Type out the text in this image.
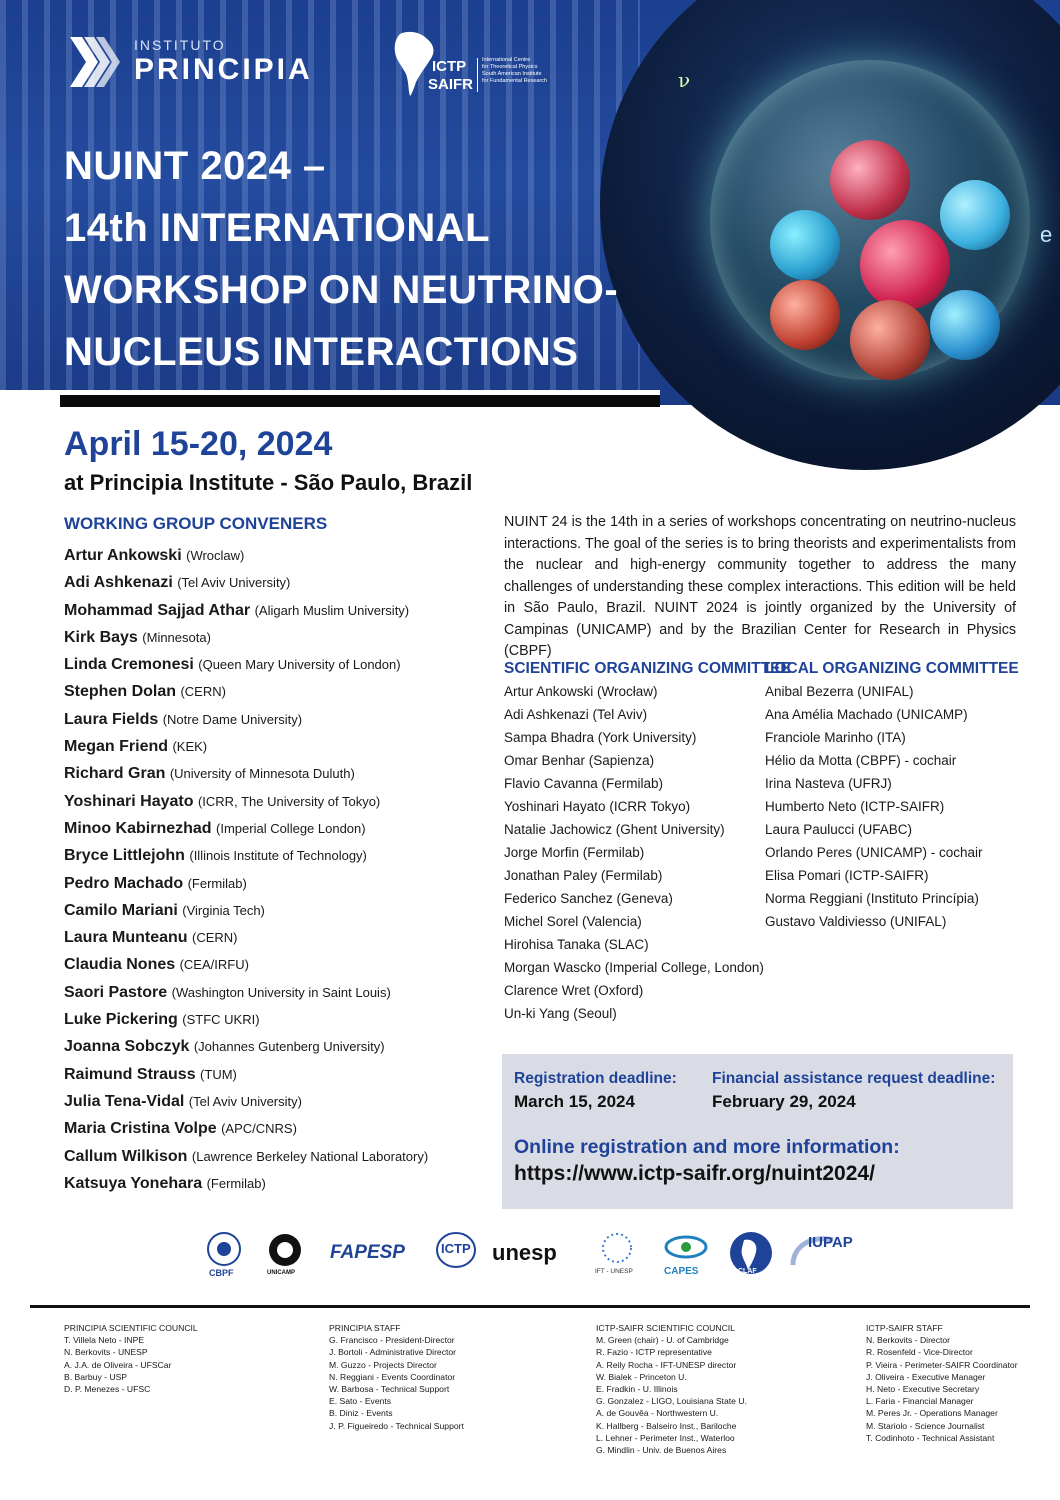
ν
e
INSTITUTO
PRINCIPIA	ICTP
SAIFR
International Centre
for Theoretical Physics
South American Institute
for Fundamental Research
NUINT 2024 –
14th INTERNATIONAL
WORKSHOP ON NEUTRINO-
NUCLEUS INTERACTIONS
April 15-20, 2024
at Principia Institute - São Paulo, Brazil
WORKING GROUP CONVENERS
Artur Ankowski (Wroclaw)
Adi Ashkenazi (Tel Aviv University)
Mohammad Sajjad Athar (Aligarh Muslim University)
Kirk Bays (Minnesota)
Linda Cremonesi (Queen Mary University of London)
Stephen Dolan (CERN)
Laura Fields (Notre Dame University)
Megan Friend (KEK)
Richard Gran (University of Minnesota Duluth)
Yoshinari Hayato (ICRR, The University of Tokyo)
Minoo Kabirnezhad (Imperial College London)
Bryce Littlejohn (Illinois Institute of Technology)
Pedro Machado (Fermilab)
Camilo Mariani (Virginia Tech)
Laura Munteanu (CERN)
Claudia Nones (CEA/IRFU)
Saori Pastore (Washington University in Saint Louis)
Luke Pickering (STFC UKRI)
Joanna Sobczyk (Johannes Gutenberg University)
Raimund Strauss (TUM)
Julia Tena-Vidal (Tel Aviv University)
Maria Cristina Volpe (APC/CNRS)
Callum Wilkison (Lawrence Berkeley National Laboratory)
Katsuya Yonehara (Fermilab)
NUINT 24 is the 14th in a series of workshops concentrating on neutrino-nucleus interactions. The goal of the series is to bring theorists and experimentalists from the nuclear and high-energy community together to address the many challenges of understanding these complex interactions. This edition will be held in São Paulo, Brazil. NUINT 2024 is jointly organized by the University of Campinas (UNICAMP) and by the Brazilian Center for Research in Physics (CBPF)
SCIENTIFIC ORGANIZING COMMITTEE
Artur Ankowski (Wrocław)
Adi Ashkenazi (Tel Aviv)
Sampa Bhadra (York University)
Omar Benhar (Sapienza)
Flavio Cavanna (Fermilab)
Yoshinari Hayato (ICRR Tokyo)
Natalie Jachowicz (Ghent University)
Jorge Morfin (Fermilab)
Jonathan Paley (Fermilab)
Federico Sanchez (Geneva)
Michel Sorel (Valencia)
Hirohisa Tanaka (SLAC)
Morgan Wascko (Imperial College, London)
Clarence Wret (Oxford)
Un-ki Yang (Seoul)
LOCAL ORGANIZING COMMITTEE
Anibal Bezerra (UNIFAL)
Ana Amélia Machado (UNICAMP)
Franciole Marinho (ITA)
Hélio da Motta (CBPF) - cochair
Irina Nasteva (UFRJ)
Humberto Neto (ICTP-SAIFR)
Laura Paulucci (UFABC)
Orlando Peres (UNICAMP) - cochair
Elisa Pomari (ICTP-SAIFR)
Norma Reggiani (Instituto Princípia)
Gustavo Valdiviesso (UNIFAL)
Registration deadline:
March 15, 2024
Financial assistance request deadline:
February 29, 2024
Online registration and more information:
https://www.ictp-saifr.org/nuint2024/
CBPF	UNICAMP
FAPESP	ICTP unesp
IFT - UNESP	CAPES	CLAF
IUPAP
PRINCIPIA SCIENTIFIC COUNCIL
T. Villela Neto - INPE
N. Berkovits - UNESP
A. J.A. de Oliveira - UFSCar
B. Barbuy - USP
D. P. Menezes - UFSC
PRINCIPIA STAFF
G. Francisco - President-Director
J. Bortoli - Administrative Director
M. Guzzo - Projects Director
N. Reggiani - Events Coordinator
W. Barbosa - Technical Support
E. Sato - Events
B. Diniz - Events
J. P. Figueiredo - Technical Support
ICTP-SAIFR SCIENTIFIC COUNCIL
M. Green (chair) - U. of Cambridge
R. Fazio - ICTP representative
A. Reily Rocha - IFT-UNESP director
W. Bialek - Princeton U.
E. Fradkin - U. Illinois
G. Gonzalez - LIGO, Louisiana State U.
A. de Gouvêa - Northwestern U.
K. Hallberg - Balseiro Inst., Bariloche
L. Lehner - Perimeter Inst., Waterloo
G. Mindlin - Univ. de Buenos Aires
ICTP-SAIFR STAFF
N. Berkovits - Director
R. Rosenfeld - Vice-Director
P. Vieira - Perimeter-SAIFR Coordinator
J. Oliveira - Executive Manager
H. Neto - Executive Secretary
L. Faria - Financial Manager
M. Peres Jr. - Operations Manager
M. Stariolo - Science Journalist
T. Codinhoto - Technical Assistant
